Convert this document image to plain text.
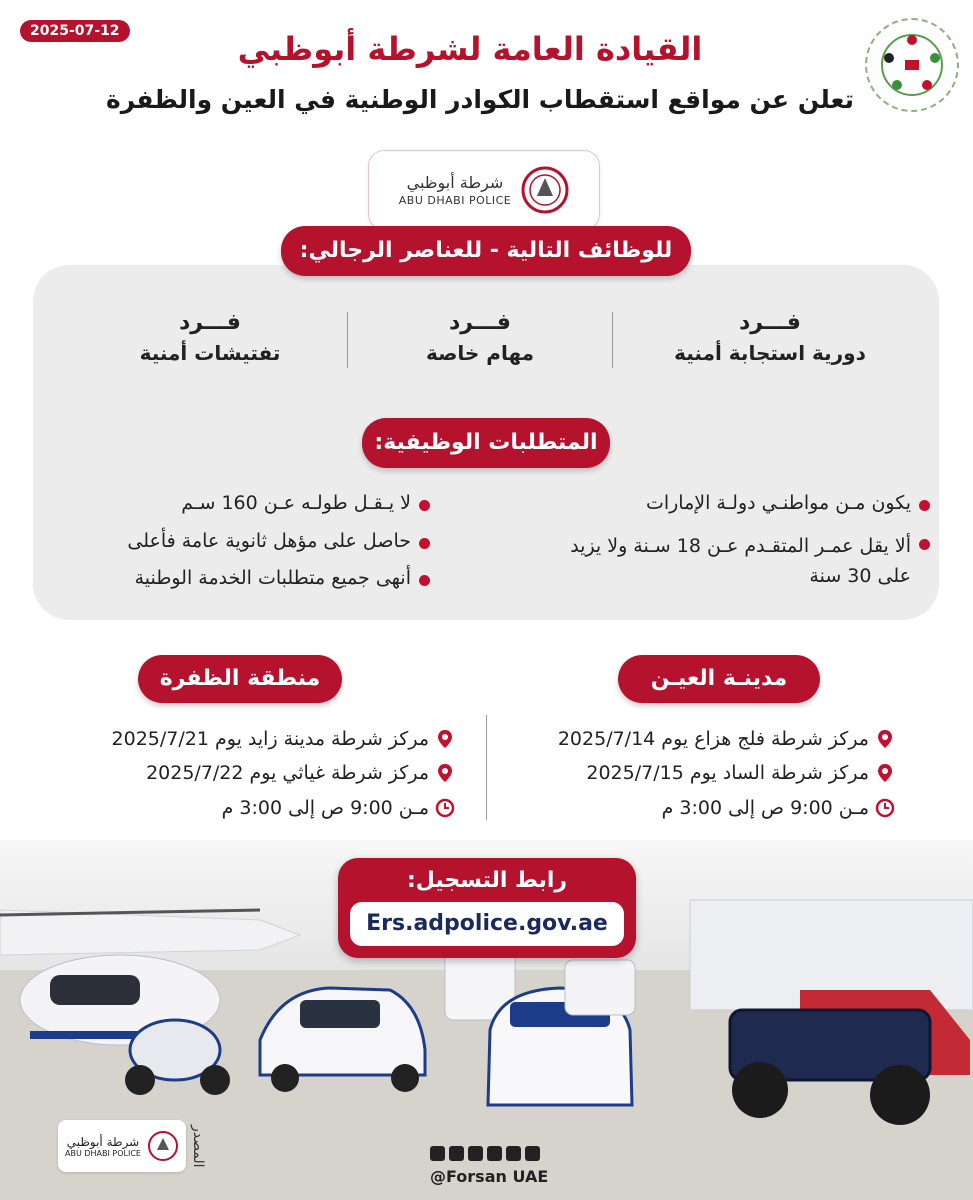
2025-07-12	القيادة العامة لشرطة أبوظبي
تعلن عن مواقع استقطاب الكوادر الوطنية في العين والظفرة
شرطة أبوظبي
ABU DHABI POLICE
للوظائف التالية - للعناصر الرجالي:
فـــرد
دورية استجابة أمنية
فـــرد
مهام خاصة
فـــرد
تفتيشات أمنية
المتطلبات الوظيفية:
يكون مـن مواطنـي دولـة الإمارات
ألا يقل عمـر المتقـدم عـن 18 سـنة ولا يزيد على 30 سنة
لا يـقـل طولـه عـن 160 سـم
حاصل على مؤهل ثانوية عامة فأعلى
أنهى جميع متطلبات الخدمة الوطنية
مدينـة العيـن
منطقة الظفرة
مركز شرطة فلج هزاع يوم 2025/7/14
مركز شرطة الساد يوم 2025/7/15
مـن 9:00 ص إلى 3:00 م
مركز شرطة مدينة زايد يوم 2025/7/21
مركز شرطة غياثي يوم 2025/7/22
مـن 9:00 ص إلى 3:00 م
رابط التسجيل:
Ers.adpolice.gov.ae
شرطة أبوظبي
ABU DHABI POLICE	المصدر
@Forsan UAE
